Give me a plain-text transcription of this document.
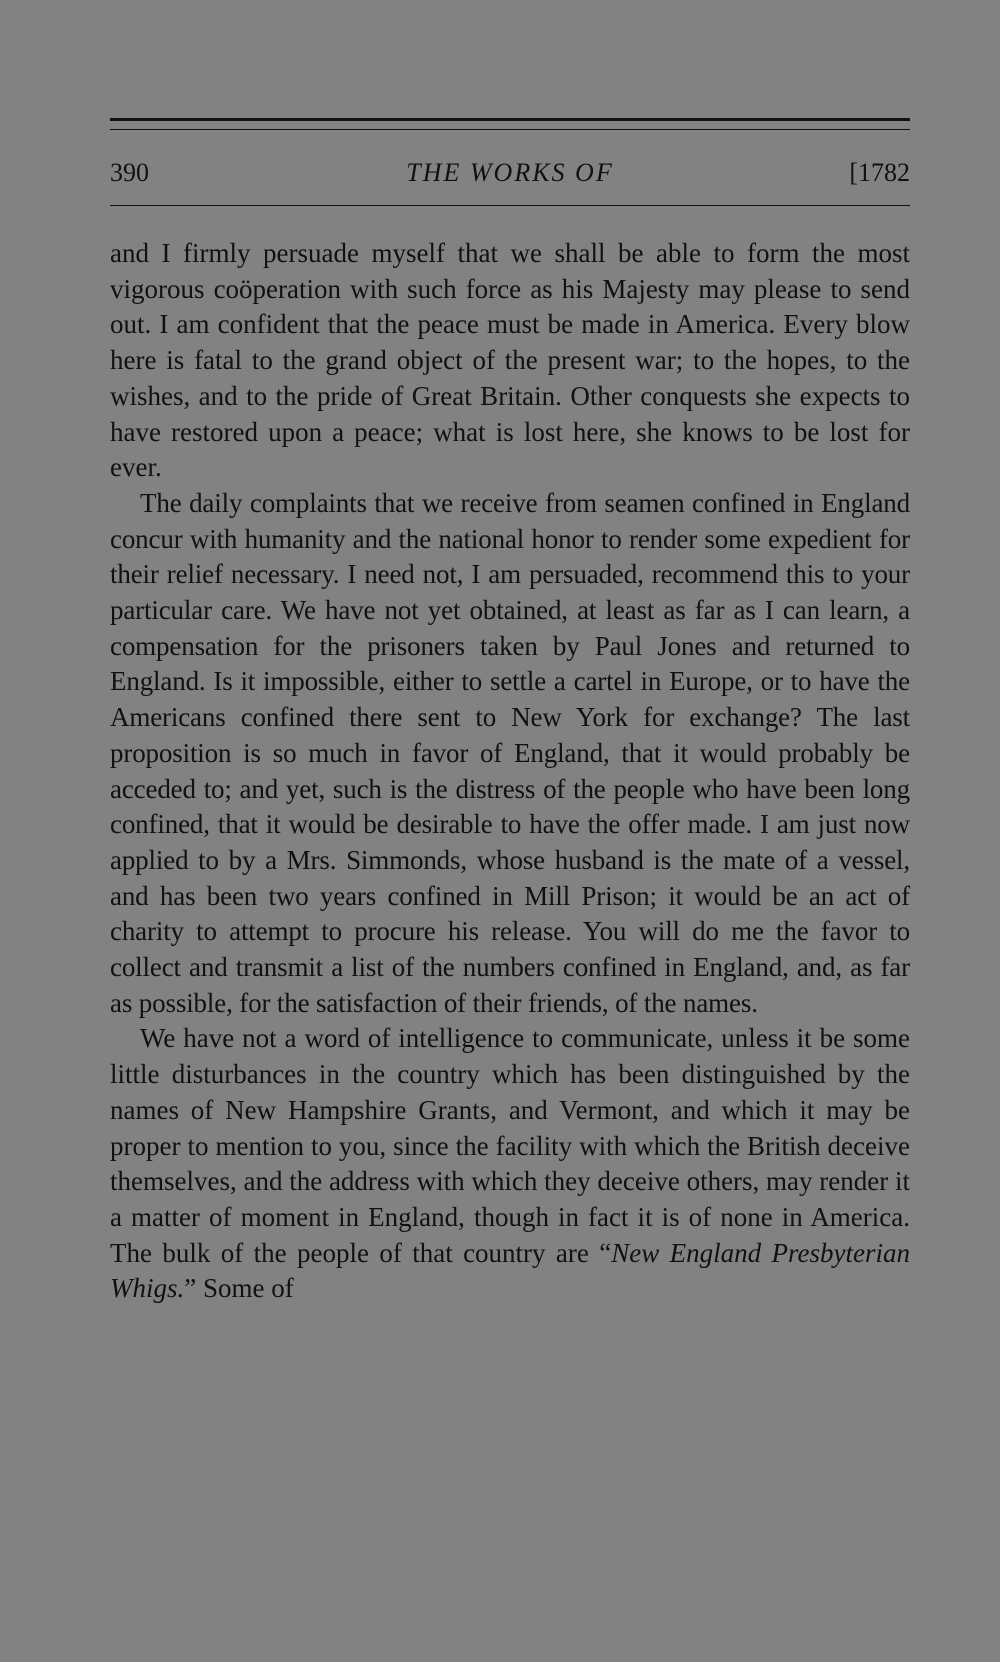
390	THE WORKS OF	[1782

and I firmly persuade myself that we shall be able to form the most vigorous coöperation with such force as his Majesty may please to send out. I am confident that the peace must be made in America. Every blow here is fatal to the grand object of the present war; to the hopes, to the wishes, and to the pride of Great Britain. Other conquests she expects to have restored upon a peace; what is lost here, she knows to be lost for ever.

The daily complaints that we receive from seamen confined in England concur with humanity and the national honor to render some expedient for their relief necessary. I need not, I am persuaded, recommend this to your particular care. We have not yet obtained, at least as far as I can learn, a compensation for the prisoners taken by Paul Jones and returned to England. Is it impossible, either to settle a cartel in Europe, or to have the Americans confined there sent to New York for exchange? The last proposition is so much in favor of England, that it would probably be acceded to; and yet, such is the distress of the people who have been long confined, that it would be desirable to have the offer made. I am just now applied to by a Mrs. Simmonds, whose husband is the mate of a vessel, and has been two years confined in Mill Prison; it would be an act of charity to attempt to procure his release. You will do me the favor to collect and transmit a list of the numbers confined in England, and, as far as possible, for the satisfaction of their friends, of the names.

We have not a word of intelligence to communicate, unless it be some little disturbances in the country which has been distinguished by the names of New Hampshire Grants, and Vermont, and which it may be proper to mention to you, since the facility with which the British deceive themselves, and the address with which they deceive others, may render it a matter of moment in England, though in fact it is of none in America. The bulk of the people of that country are “New England Presbyterian Whigs.” Some of
